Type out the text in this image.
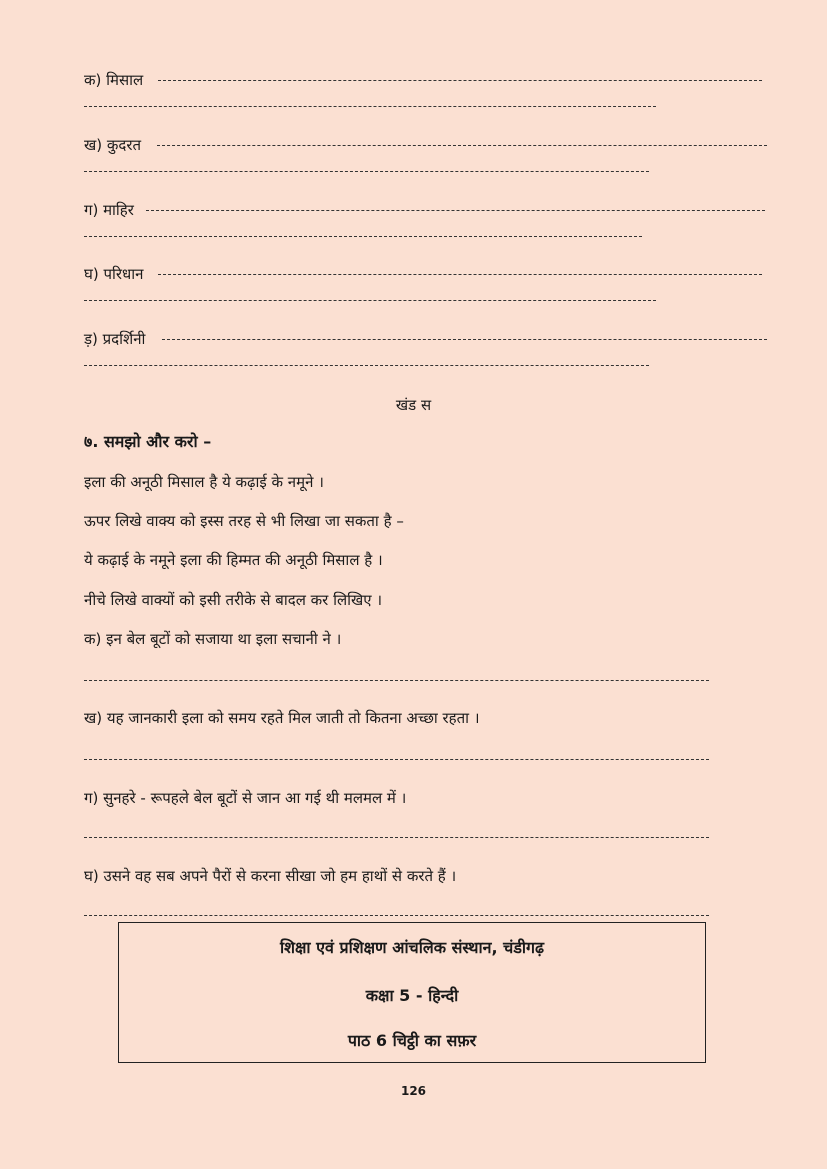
क) मिसाल
ख) कुदरत
ग) माहिर
घ) परिधान
ड़) प्रदर्शिनी
खंड स
७. समझो और करो –
इला की अनूठी मिसाल है ये कढ़ाई के नमूने ।
ऊपर लिखे वाक्य को इस्स तरह से भी लिखा जा सकता है –
ये कढ़ाई के नमूने इला की हिम्मत की अनूठी मिसाल है ।
नीचे लिखे वाक्यों को इसी तरीके से बादल कर लिखिए ।
क) इन बेल बूटों को सजाया था इला सचानी ने ।
ख) यह जानकारी इला को समय रहते मिल जाती तो कितना अच्छा रहता ।
ग) सुनहरे - रूपहले बेल बूटों से जान आ गई थी मलमल में ।
घ) उसने वह सब अपने पैरों से करना सीखा जो हम हाथों से करते हैं ।
शिक्षा एवं प्रशिक्षण आंचलिक संस्थान, चंडीगढ़
कक्षा 5 - हिन्दी
पाठ 6 चिट्ठी का सफ़र
126
